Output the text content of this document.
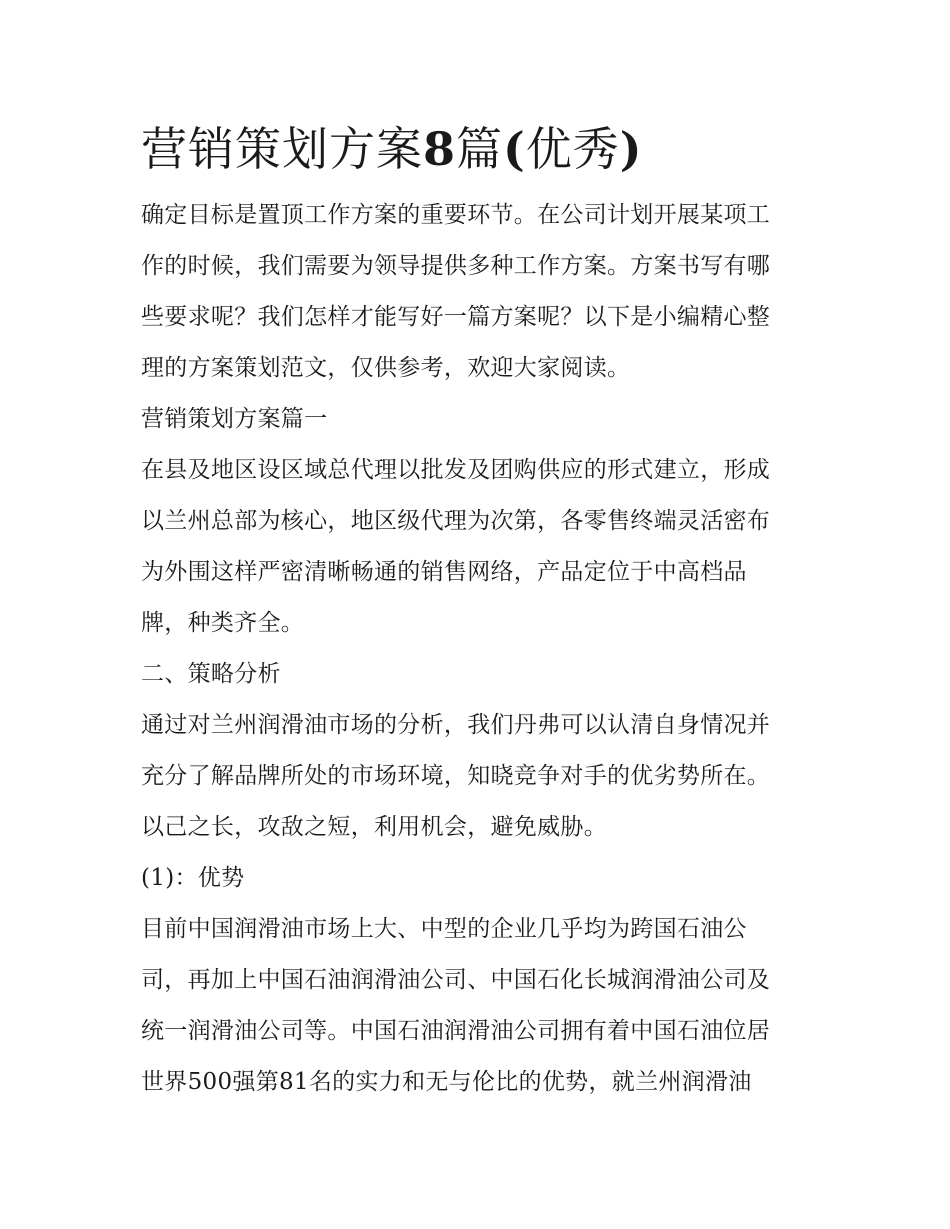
营销策划方案8篇(优秀)
确定目标是置顶工作方案的重要环节。在公司计划开展某项工
作的时候，我们需要为领导提供多种工作方案。方案书写有哪
些要求呢？我们怎样才能写好一篇方案呢？以下是小编精心整
理的方案策划范文，仅供参考，欢迎大家阅读。
营销策划方案篇一
在县及地区设区域总代理以批发及团购供应的形式建立，形成
以兰州总部为核心，地区级代理为次第，各零售终端灵活密布
为外围这样严密清晰畅通的销售网络，产品定位于中高档品
牌，种类齐全。
二、策略分析
通过对兰州润滑油市场的分析，我们丹弗可以认清自身情况并
充分了解品牌所处的市场环境，知晓竞争对手的优劣势所在。
以己之长，攻敌之短，利用机会，避免威胁。
(1)：优势
目前中国润滑油市场上大、中型的企业几乎均为跨国石油公
司，再加上中国石油润滑油公司、中国石化长城润滑油公司及
统一润滑油公司等。中国石油润滑油公司拥有着中国石油位居
世界500强第81名的实力和无与伦比的优势，就兰州润滑油
